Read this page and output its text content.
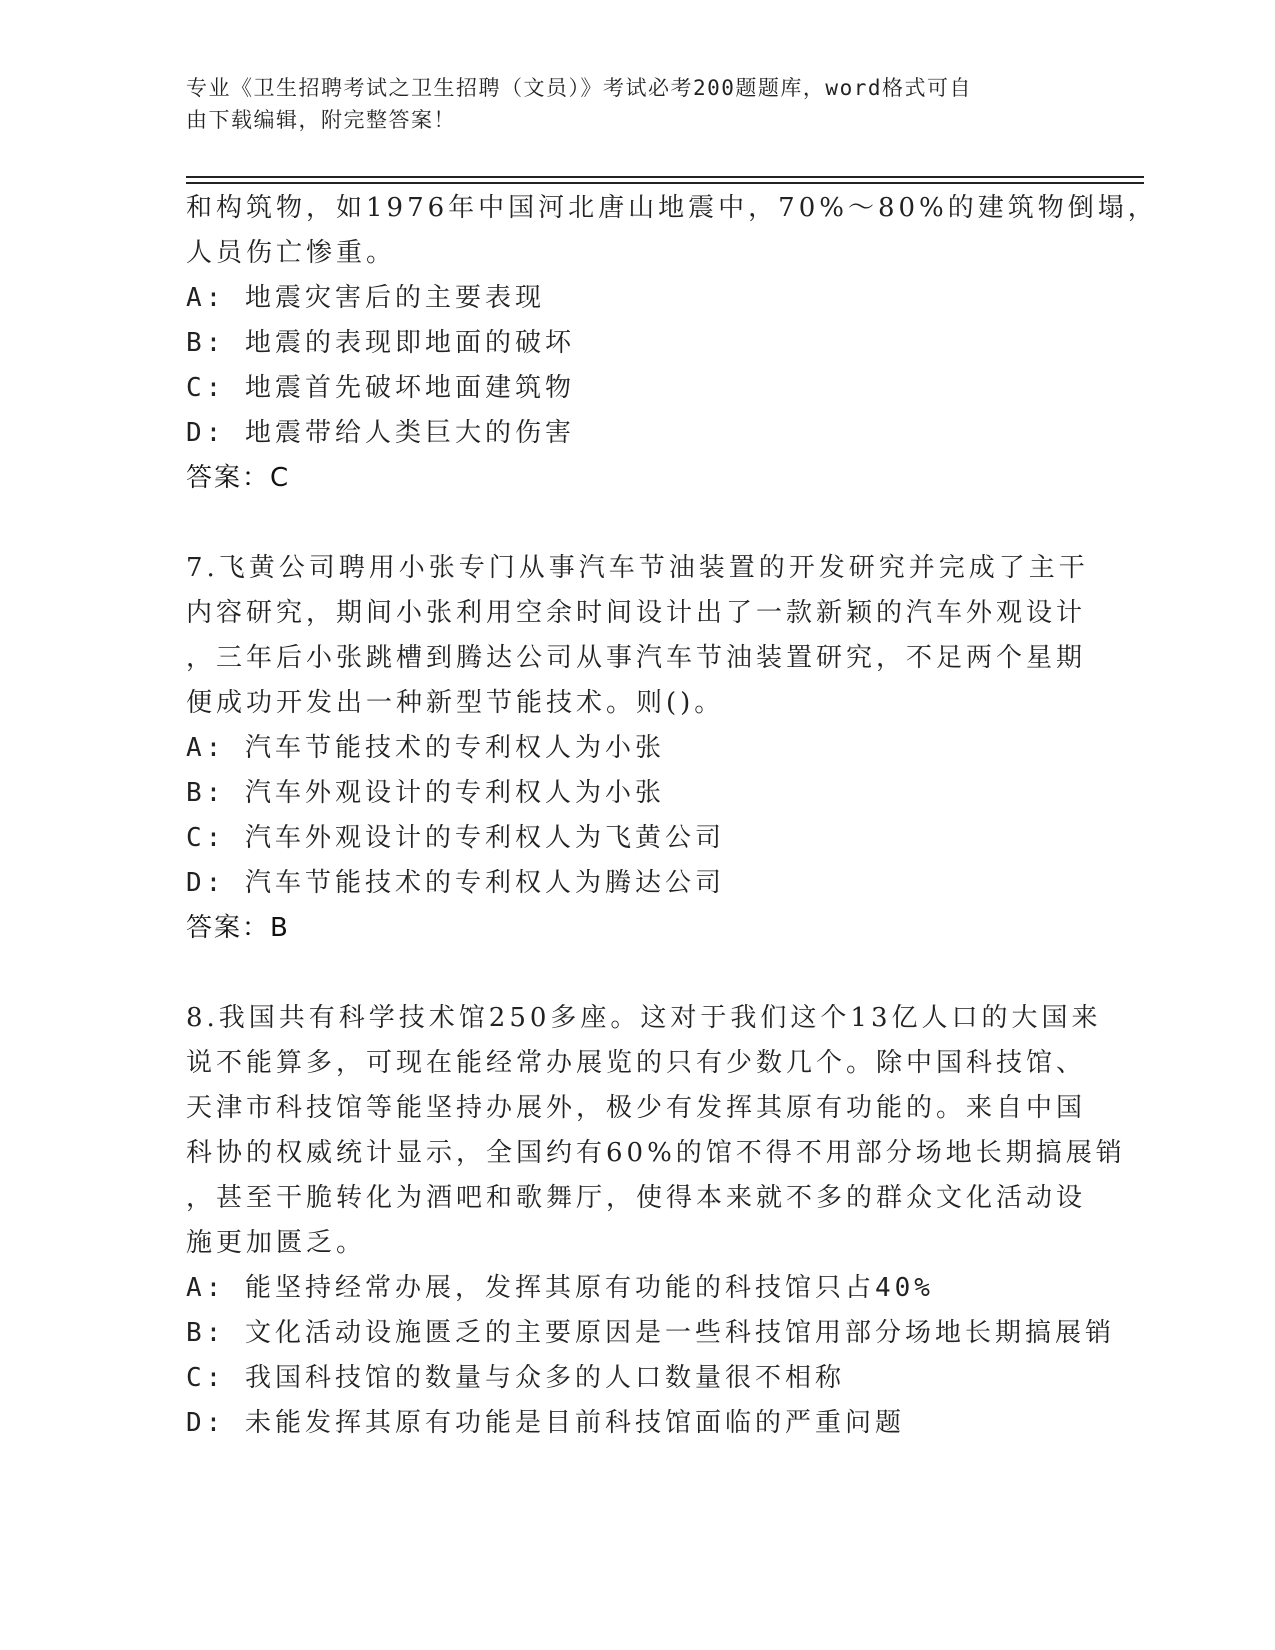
专业《卫生招聘考试之卫生招聘（文员）》考试必考200题题库，word格式可自
由下载编辑，附完整答案！
和构筑物，如1976年中国河北唐山地震中，70%～80%的建筑物倒塌，
人员伤亡惨重。
A: 地震灾害后的主要表现
B: 地震的表现即地面的破坏
C: 地震首先破坏地面建筑物
D: 地震带给人类巨大的伤害
答案：C
7.飞黄公司聘用小张专门从事汽车节油装置的开发研究并完成了主干
内容研究，期间小张利用空余时间设计出了一款新颖的汽车外观设计
，三年后小张跳槽到腾达公司从事汽车节油装置研究，不足两个星期
便成功开发出一种新型节能技术。则()。
A: 汽车节能技术的专利权人为小张
B: 汽车外观设计的专利权人为小张
C: 汽车外观设计的专利权人为飞黄公司
D: 汽车节能技术的专利权人为腾达公司
答案：B
8.我国共有科学技术馆250多座。这对于我们这个13亿人口的大国来
说不能算多，可现在能经常办展览的只有少数几个。除中国科技馆、
天津市科技馆等能坚持办展外，极少有发挥其原有功能的。来自中国
科协的权威统计显示，全国约有60%的馆不得不用部分场地长期搞展销
，甚至干脆转化为酒吧和歌舞厅，使得本来就不多的群众文化活动设
施更加匮乏。
A: 能坚持经常办展，发挥其原有功能的科技馆只占40%
B: 文化活动设施匮乏的主要原因是一些科技馆用部分场地长期搞展销
C: 我国科技馆的数量与众多的人口数量很不相称
D: 未能发挥其原有功能是目前科技馆面临的严重问题
